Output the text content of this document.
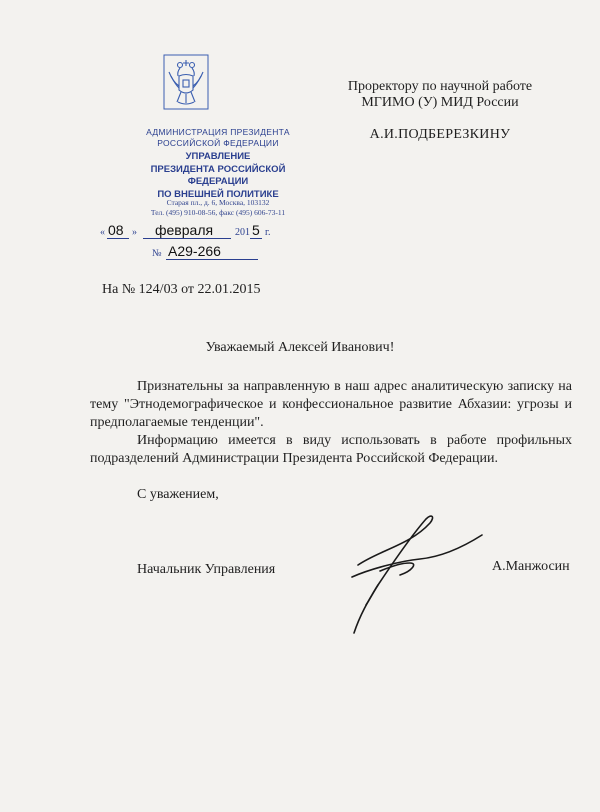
АДМИНИСТРАЦИЯ ПРЕЗИДЕНТА
РОССИЙСКОЙ ФЕДЕРАЦИИ
УПРАВЛЕНИЕ
ПРЕЗИДЕНТА РОССИЙСКОЙ ФЕДЕРАЦИИ
ПО ВНЕШНЕЙ ПОЛИТИКЕ
Старая пл., д. 6, Москва, 103132
Тел. (495) 910-08-56, факс (495) 606-73-11
« 08 » февраля 201 5 г.
№ А29-266
Проректору по научной работе
МГИМО (У) МИД России
А.И.ПОДБЕРЕЗКИНУ
На № 124/03 от 22.01.2015
Уважаемый Алексей Иванович!
Признательны за направленную в наш адрес аналитическую записку на тему "Этнодемографическое и конфессиональное развитие Абхазии: угрозы и предполагаемые тенденции".
Информацию имеется в виду использовать в работе профильных подразделений Администрации Президента Российской Федерации.
С уважением,
Начальник Управления	А.Манжосин
